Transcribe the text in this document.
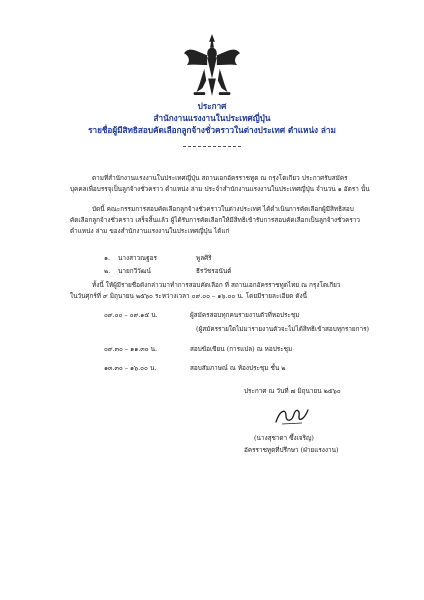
ประกาศ
สำนักงานแรงงานในประเทศญี่ปุ่น
รายชื่อผู้มีสิทธิสอบคัดเลือกลูกจ้างชั่วคราวในต่างประเทศ ตำแหน่ง ล่าม
ตามที่สำนักงานแรงงานในประเทศญี่ปุ่น สถานเอกอัครราชทูต ณ กรุงโตเกียว ประกาศรับสมัคร
บุคคลเพื่อบรรจุเป็นลูกจ้างชั่วคราว ตำแหน่ง ล่าม ประจำสำนักงานแรงงานในประเทศญี่ปุ่น จำนวน ๑ อัตรา นั้น
บัดนี้ คณะกรรมการสอบคัดเลือกลูกจ้างชั่วคราวในต่างประเทศ ได้ดำเนินการคัดเลือกผู้มีสิทธิสอบ
คัดเลือกลูกจ้างชั่วคราว เสร็จสิ้นแล้ว ผู้ได้รับการคัดเลือกให้มีสิทธิเข้ารับการสอบคัดเลือกเป็นลูกจ้างชั่วคราว
ตำแหน่ง ล่าม ของสำนักงานแรงงานในประเทศญี่ปุ่น ได้แก่
๑. นางสาวณฐอร	พูลศิริ
๒. นายกวีวัฒน์	ธีรวัชรอนันต์
ทั้งนี้ ให้ผู้มีรายชื่อดังกล่าวมาทำการสอบคัดเลือก ที่ สถานเอกอัครราชทูตไทย ณ กรุงโตเกียว
ในวันศุกร์ที่ ๙ มิถุนายน ๒๕๖๐ ระหว่างเวลา ๐๙.๐๐ – ๑๖.๐๐ น. โดยมีรายละเอียด ดังนี้
๐๙.๐๐ – ๐๙.๑๕ น.	ผู้สมัครสอบทุกคนรายงานตัวที่หอประชุม
(ผู้สมัครรายใดไม่มารายงานตัวจะไม่ได้สิทธิเข้าสอบทุกรายการ)
๐๙.๓๐ – ๑๑.๓๐ น.	สอบข้อเขียน (การแปล) ณ หอประชุม
๑๓.๓๐ – ๑๖.๐๐ น.	สอบสัมภาษณ์ ณ ห้องประชุม ชั้น ๒
ประกาศ ณ วันที่ ๗ มิถุนายน ๒๕๖๐
(นางสุชาดา ซึ้งเจริญ)
อัครราชทูตที่ปรึกษา (ฝ่ายแรงงาน)
